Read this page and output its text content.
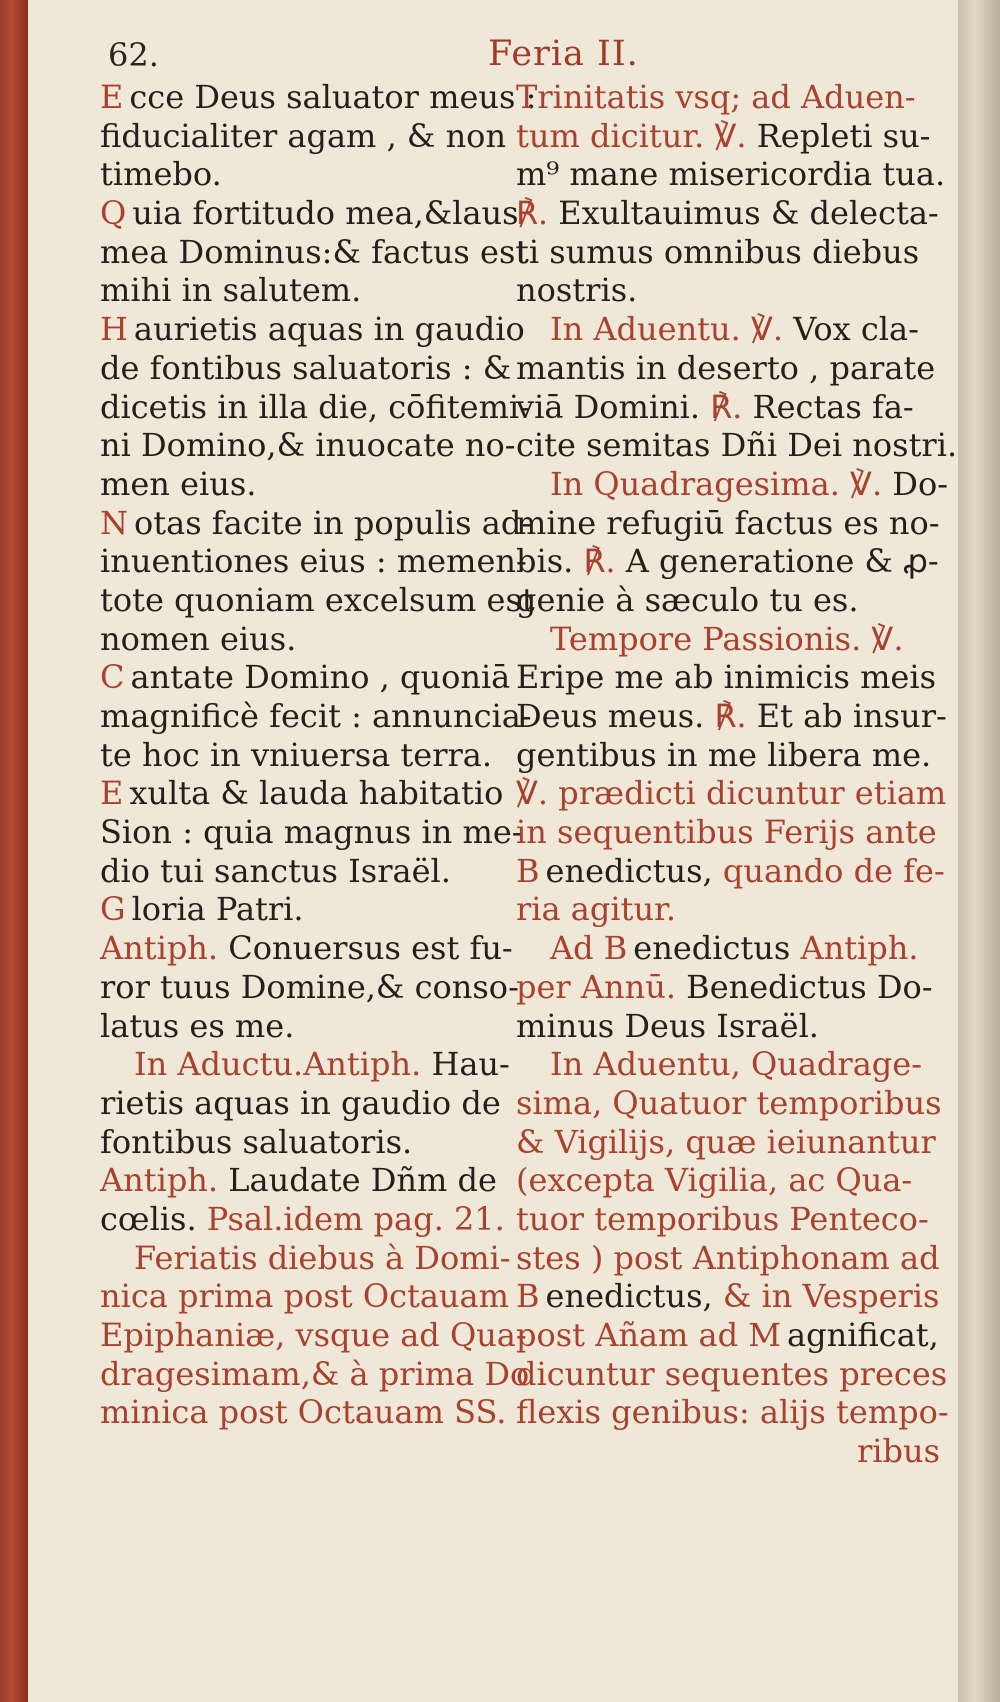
62.	Feria II.
E cce Deus saluator meus :
fiducialiter agam , & non
timebo.
Q uia fortitudo mea,&laus
mea Dominus:& factus est
mihi in salutem.
H aurietis aquas in gaudio
de fontibus saluatoris : &
dicetis in illa die, cōfitemi-
ni Domino,& inuocate no-
men eius.
N otas facite in populis ad-
inuentiones eius : memen-
tote quoniam excelsum est
nomen eius.
C antate Domino , quoniā
magnificè fecit : annuncia-
te hoc in vniuersa terra.
E xulta & lauda habitatio
Sion : quia magnus in me-
dio tui sanctus Israël.
G loria Patri.
Antiph. Conuersus est fu-
ror tuus Domine,& conso-
latus es me.
In Aductu.Antiph. Hau-
rietis aquas in gaudio de
fontibus saluatoris.
Antiph. Laudate Dñm de
cœlis. Psal.idem pag. 21.
Feriatis diebus à Domi-
nica prima post Octauam
Epiphaniæ, vsque ad Qua-
dragesimam,& à prima Do
minica post Octauam SS.
Trinitatis vsq; ad Aduen-
tum dicitur. ℣. Repleti su-
m⁹ mane misericordia tua.
℟. Exultauimus & delecta-
ti sumus omnibus diebus
nostris.
In Aduentu. ℣. Vox cla-
mantis in deserto , parate
viā Domini. ℟. Rectas fa-
cite semitas Dñi Dei nostri.
In Quadragesima. ℣. Do-
mine refugiū factus es no-
bis. ℟. A generatione & ꝓ-
genie à sæculo tu es.
Tempore Passionis. ℣.
Eripe me ab inimicis meis
Deus meus. ℟. Et ab insur-
gentibus in me libera me.
℣. prædicti dicuntur etiam
in sequentibus Ferijs ante
B enedictus, quando de fe-
ria agitur.
Ad B enedictus Antiph.
per Annū. Benedictus Do-
minus Deus Israël.
In Aduentu, Quadrage-
sima, Quatuor temporibus
& Vigilijs, quæ ieiunantur
(excepta Vigilia, ac Qua-
tuor temporibus Penteco-
stes ) post Antiphonam ad
B enedictus, & in Vesperis
post Añam ad M agnificat,
dicuntur sequentes preces
flexis genibus: alijs tempo-
ribus
